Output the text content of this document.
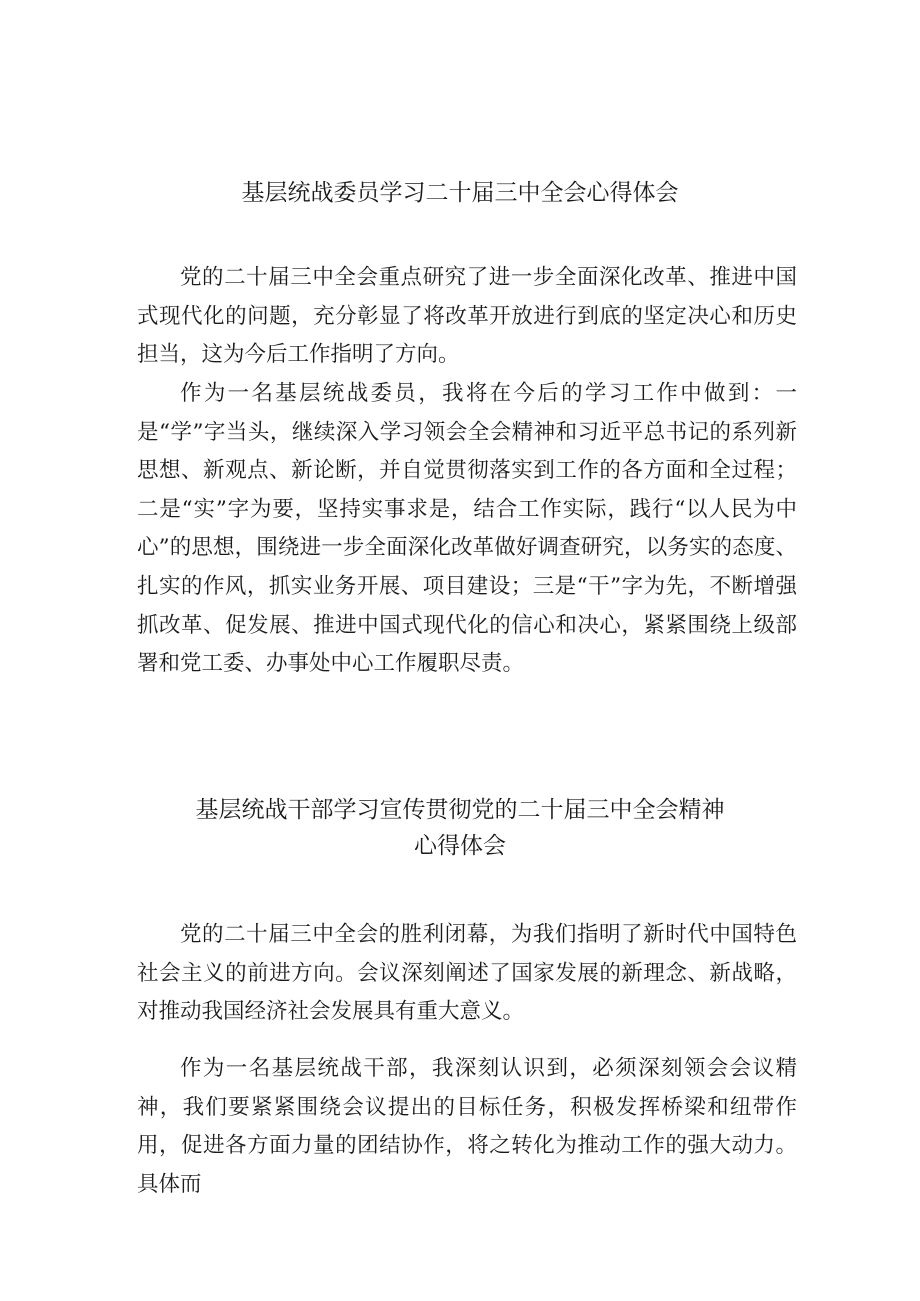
基层统战委员学习二十届三中全会心得体会

党的二十届三中全会重点研究了进一步全面深化改革、推进中国式现代化的问题，充分彰显了将改革开放进行到底的坚定决心和历史担当，这为今后工作指明了方向。

作为一名基层统战委员，我将在今后的学习工作中做到：一是“学”字当头，继续深入学习领会全会精神和习近平总书记的系列新思想、新观点、新论断，并自觉贯彻落实到工作的各方面和全过程；二是“实”字为要，坚持实事求是，结合工作实际，践行“以人民为中心”的思想，围绕进一步全面深化改革做好调查研究，以务实的态度、扎实的作风，抓实业务开展、项目建设；三是“干”字为先，不断增强抓改革、促发展、推进中国式现代化的信心和决心，紧紧围绕上级部署和党工委、办事处中心工作履职尽责。

基层统战干部学习宣传贯彻党的二十届三中全会精神
心得体会

党的二十届三中全会的胜利闭幕，为我们指明了新时代中国特色社会主义的前进方向。会议深刻阐述了国家发展的新理念、新战略，对推动我国经济社会发展具有重大意义。

作为一名基层统战干部，我深刻认识到，必须深刻领会会议精神，我们要紧紧围绕会议提出的目标任务，积极发挥桥梁和纽带作用，促进各方面力量的团结协作，将之转化为推动工作的强大动力。具体而
